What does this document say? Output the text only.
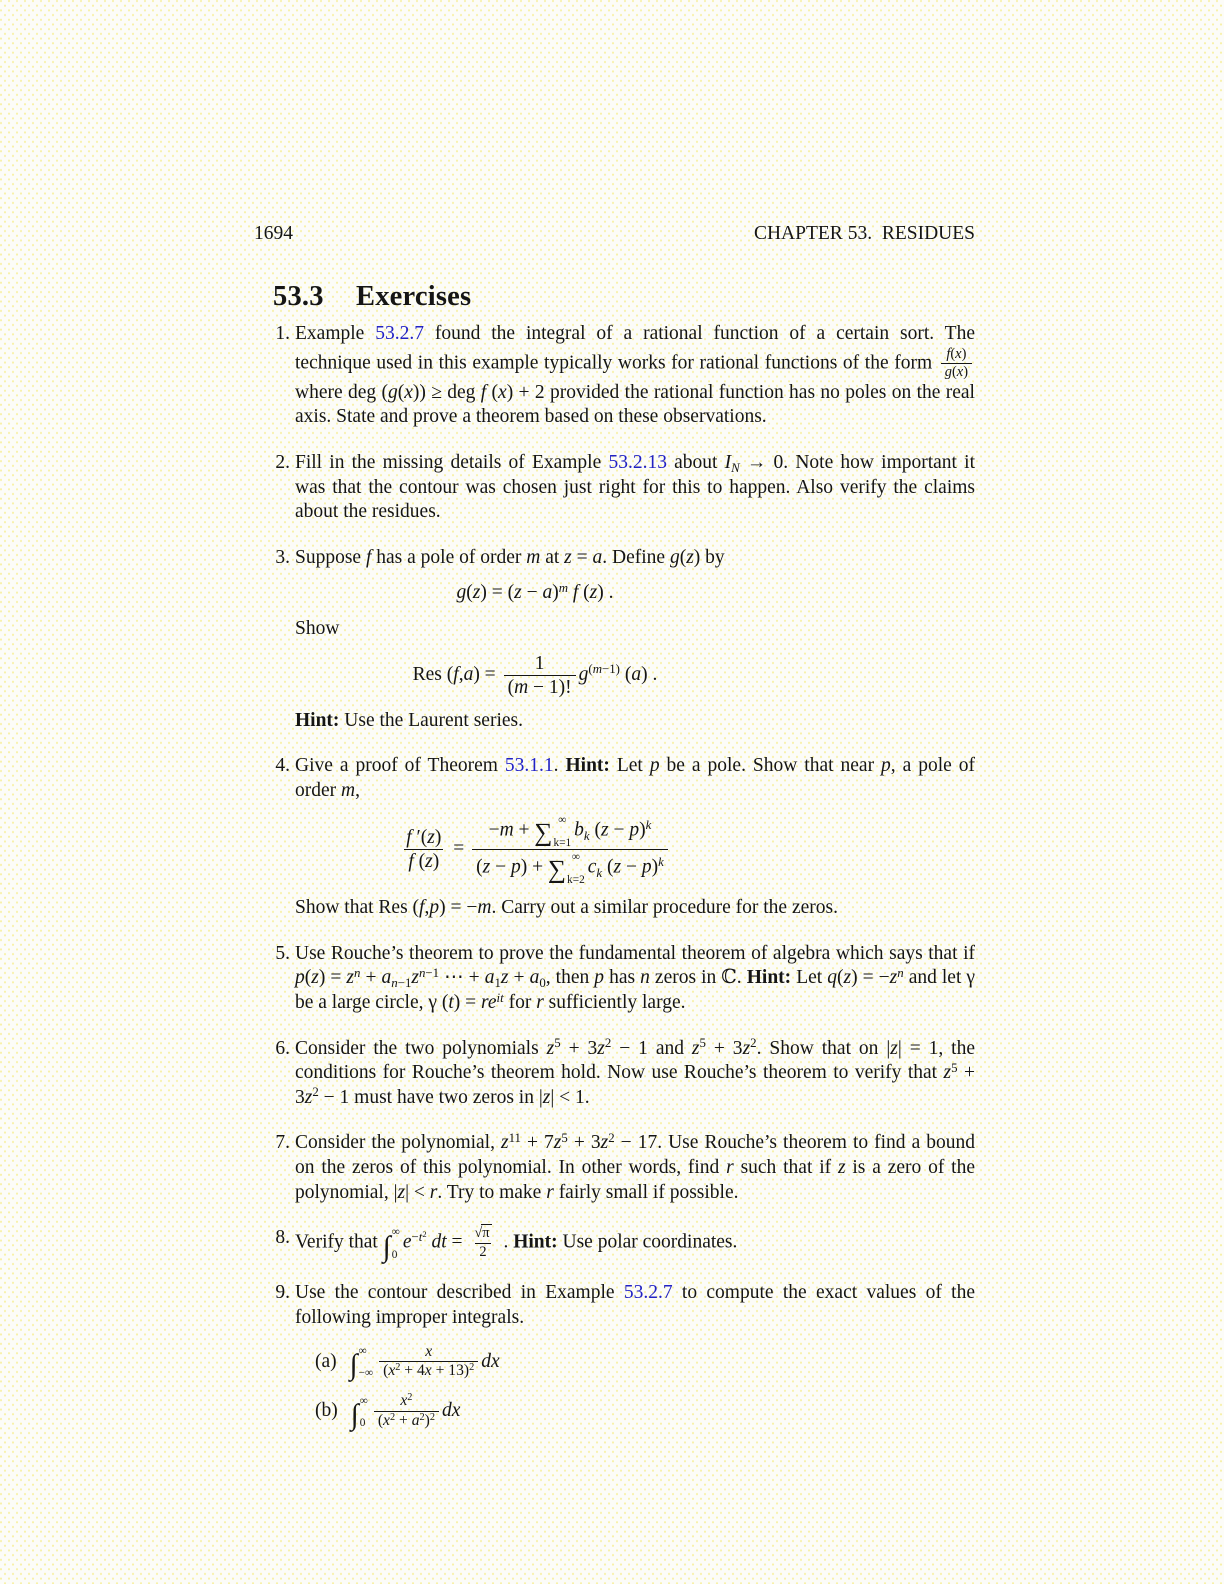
1694	CHAPTER 53.  RESIDUES
53.3 Exercises
1. Example 53.2.7 found the integral of a rational function of a certain sort. The technique used in this example typically works for rational functions of the form $\frac{f(x)}{g(x)}$
where deg (g(x)) ≥ deg f (x) + 2 provided the rational function has no poles on the real axis. State and prove a theorem based on these observations.

2. Fill in the missing details of Example 53.2.13 about IN → 0. Note how important it was that the contour was chosen just right for this to happen. Also verify the claims about the residues.

3. Suppose f has a pole of order m at z = a. Define g(z) by

$g(z) = (z - a)^m$ f (z) .

Show

Res $(f,a) = \frac{1}{(m - 1)!} g^{(m-1)}$ (a) .

Hint: Use the Laurent series.

4. Give a proof of Theorem 53.1.1. Hint: Let p be a pole. Show that near p, a pole of order m,

$\frac{f '(z)}{f (z)} = -m$ + ∑ ∞
k=1
bk $(z - p)^k$
(z − p) + ∑ ∞
k=2
ck $(z - p)^k$

Show that Res (f,p) = −m. Carry out a similar procedure for the zeros.

5. Use Rouche’s theorem to prove the fundamental theorem of algebra which says that if $p(z) = z^n + an-1z^{n-1}$ ⋯ + a1z + a0, then p has n zeros in ℂ. Hint: Let $q(z) = -z^n$ and let γ be a large circle, γ $(t) = re^{it}$ for r sufficiently large.

6. Consider the two polynomials $z^5 + 3z^2 - 1$ and $z^5 + 3z^2$. Show that on |z| = 1, the conditions for Rouche’s theorem hold. Now use Rouche’s theorem to verify that $z^5 + 3z^2 - 1$ must have two zeros in |z| < 1.

7. Consider the polynomial, $z^{11} + 7z^5 + 3z^2 - 17$. Use Rouche’s theorem to find a bound on the zeros of this polynomial. In other words, find r such that if z is a zero of the polynomial, |z| < r. Try to make r fairly small if possible.

8. Verify that ∫ ∞
0
$e^{-t^2}$ dt = $\frac{√\pi}{2}$ . Hint: Use polar coordinates.

9. Use the contour described in Example 53.2.7 to compute the exact values of the following improper integrals.

(a) ∫ ∞
−∞ $\frac{x}{(x^2 + 4x + 13)^2}$ dx
(b) ∫ ∞
$0 \frac{x^2}{(x^2 + a^2)^2}$ dx
